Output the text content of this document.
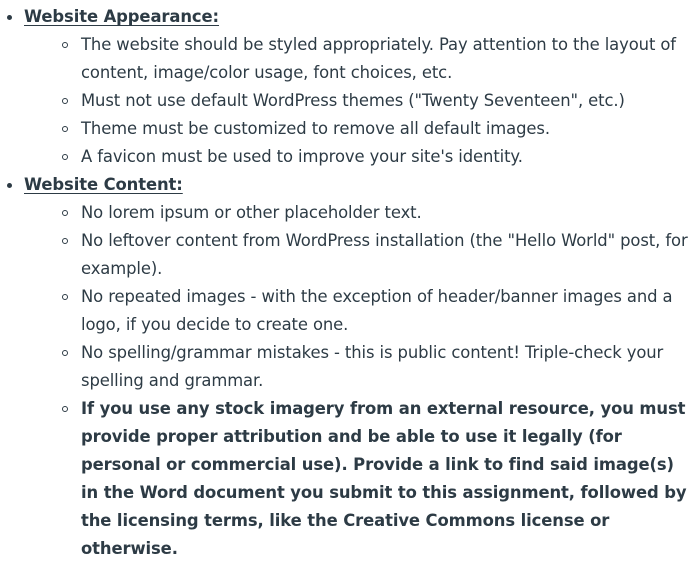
Website Appearance:
The website should be styled appropriately. Pay attention to the layout of content, image/color usage, font choices, etc.
Must not use default WordPress themes ("Twenty Seventeen", etc.)
Theme must be customized to remove all default images.
A favicon must be used to improve your site's identity.
Website Content:
No lorem ipsum or other placeholder text.
No leftover content from WordPress installation (the "Hello World" post, for example).
No repeated images - with the exception of header/banner images and a logo, if you decide to create one.
No spelling/grammar mistakes - this is public content! Triple-check your spelling and grammar.
If you use any stock imagery from an external resource, you must provide proper attribution and be able to use it legally (for personal or commercial use). Provide a link to find said image(s) in the Word document you submit to this assignment, followed by the licensing terms, like the Creative Commons license or otherwise.
